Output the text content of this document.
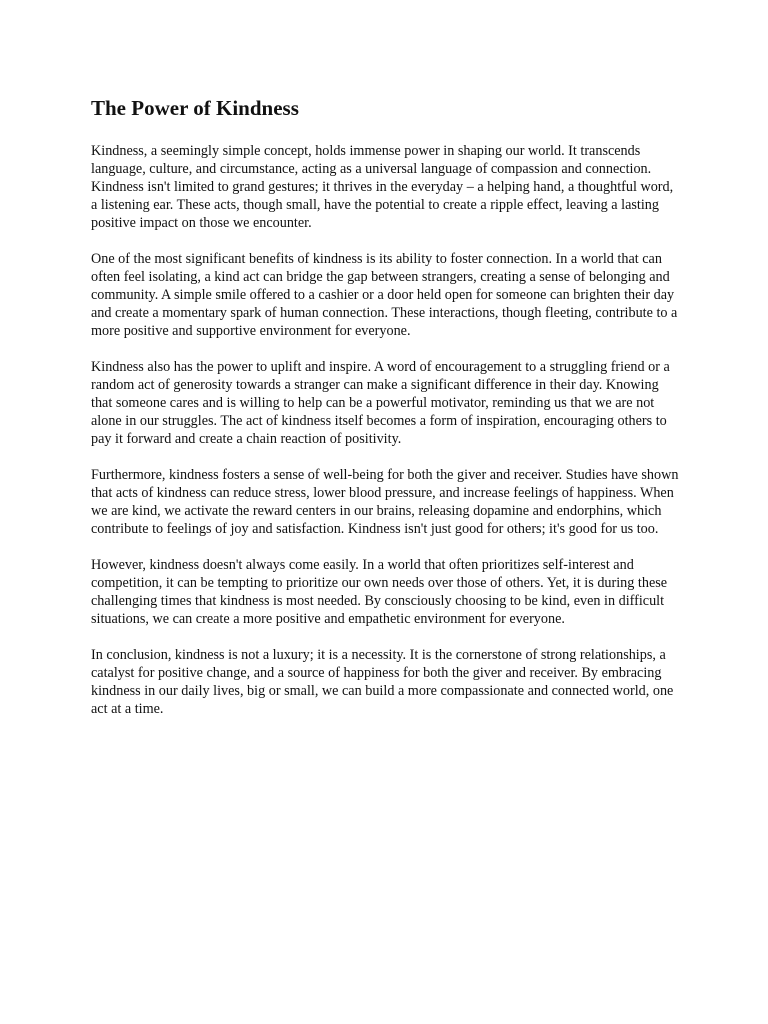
The Power of Kindness

Kindness, a seemingly simple concept, holds immense power in shaping our world. It transcends language, culture, and circumstance, acting as a universal language of compassion and connection. Kindness isn't limited to grand gestures; it thrives in the everyday – a helping hand, a thoughtful word, a listening ear. These acts, though small, have the potential to create a ripple effect, leaving a lasting positive impact on those we encounter.

One of the most significant benefits of kindness is its ability to foster connection. In a world that can often feel isolating, a kind act can bridge the gap between strangers, creating a sense of belonging and community. A simple smile offered to a cashier or a door held open for someone can brighten their day and create a momentary spark of human connection. These interactions, though fleeting, contribute to a more positive and supportive environment for everyone.

Kindness also has the power to uplift and inspire. A word of encouragement to a struggling friend or a random act of generosity towards a stranger can make a significant difference in their day. Knowing that someone cares and is willing to help can be a powerful motivator, reminding us that we are not alone in our struggles. The act of kindness itself becomes a form of inspiration, encouraging others to pay it forward and create a chain reaction of positivity.

Furthermore, kindness fosters a sense of well-being for both the giver and receiver. Studies have shown that acts of kindness can reduce stress, lower blood pressure, and increase feelings of happiness. When we are kind, we activate the reward centers in our brains, releasing dopamine and endorphins, which contribute to feelings of joy and satisfaction. Kindness isn't just good for others; it's good for us too.

However, kindness doesn't always come easily. In a world that often prioritizes self-interest and competition, it can be tempting to prioritize our own needs over those of others. Yet, it is during these challenging times that kindness is most needed. By consciously choosing to be kind, even in difficult situations, we can create a more positive and empathetic environment for everyone.

In conclusion, kindness is not a luxury; it is a necessity. It is the cornerstone of strong relationships, a catalyst for positive change, and a source of happiness for both the giver and receiver. By embracing kindness in our daily lives, big or small, we can build a more compassionate and connected world, one act at a time.
